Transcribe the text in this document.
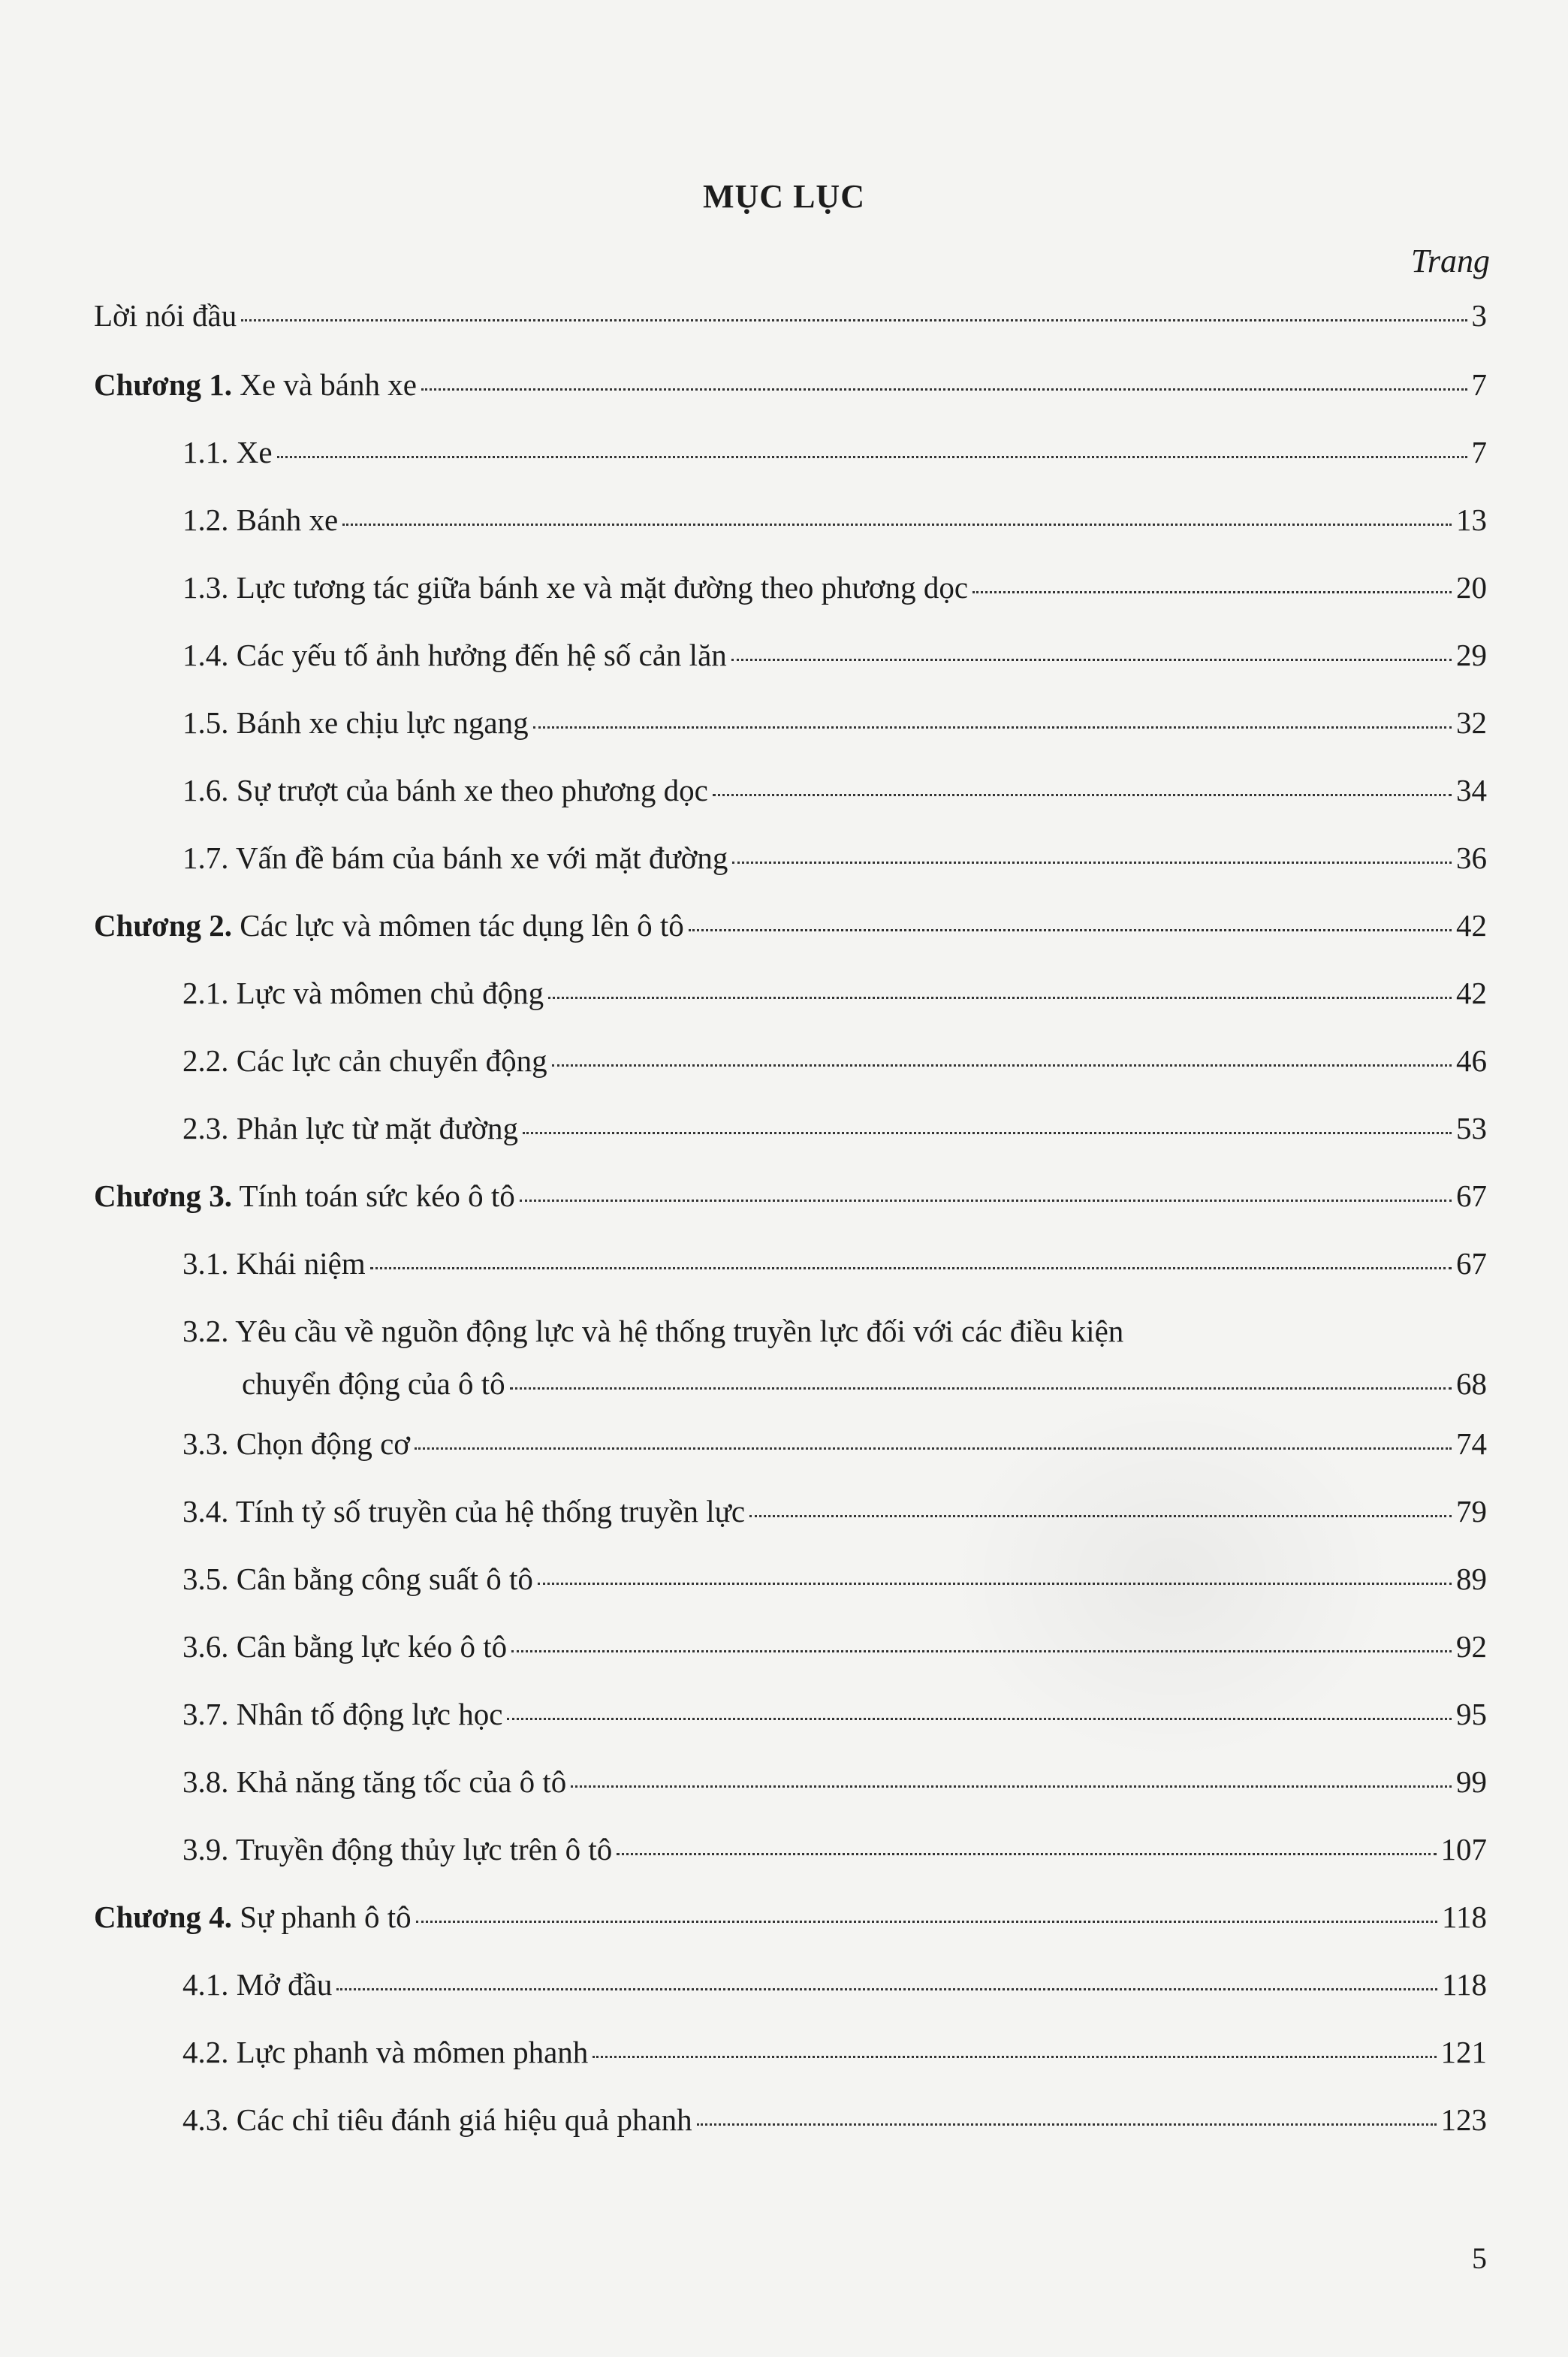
MỤC LỤC
Trang
Lời nói đầu	3
Chương 1. Xe và bánh xe	7
1.1. Xe	7
1.2. Bánh xe	13
1.3. Lực tương tác giữa bánh xe và mặt đường theo phương dọc	20
1.4. Các yếu tố ảnh hưởng đến hệ số cản lăn	29
1.5. Bánh xe chịu lực ngang	32
1.6. Sự trượt của bánh xe theo phương dọc	34
1.7. Vấn đề bám của bánh xe với mặt đường	36
Chương 2. Các lực và mômen tác dụng lên ô tô	42
2.1. Lực và mômen chủ động	42
2.2. Các lực cản chuyển động	46
2.3. Phản lực từ mặt đường	53
Chương 3. Tính toán sức kéo ô tô	67
3.1. Khái niệm	67
3.2. Yêu cầu về nguồn động lực và hệ thống truyền lực đối với các điều kiện
chuyển động của ô tô	68
3.3. Chọn động cơ	74
3.4. Tính tỷ số truyền của hệ thống truyền lực	79
3.5. Cân bằng công suất ô tô	89
3.6. Cân bằng lực kéo ô tô	92
3.7. Nhân tố động lực học	95
3.8. Khả năng tăng tốc của ô tô	99
3.9. Truyền động thủy lực trên ô tô	107
Chương 4. Sự phanh ô tô	118
4.1. Mở đầu	118
4.2. Lực phanh và mômen phanh	121
4.3. Các chỉ tiêu đánh giá hiệu quả phanh	123
5
